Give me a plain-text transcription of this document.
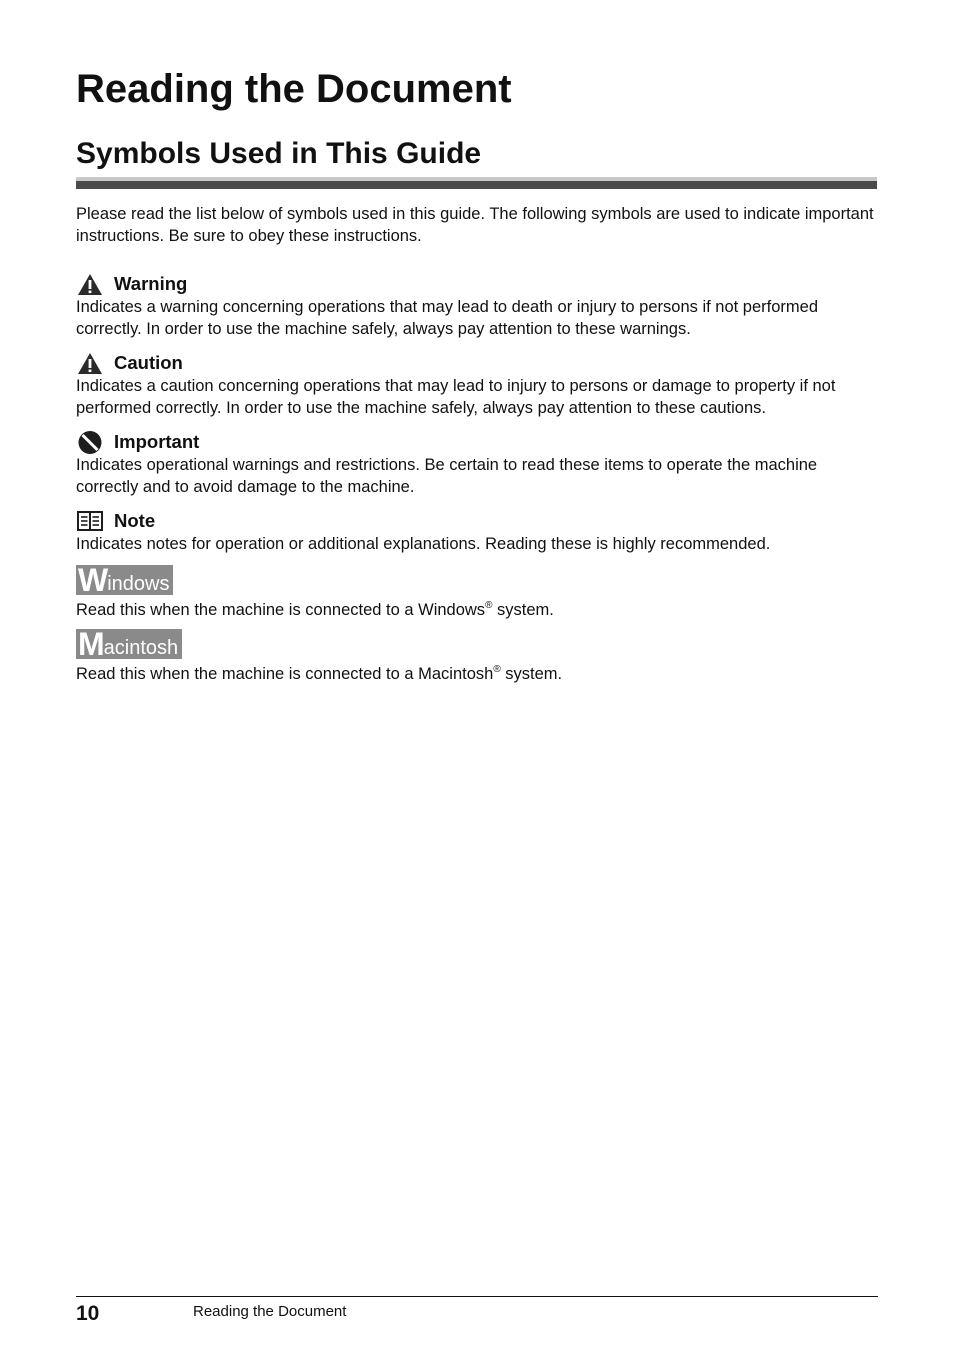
Reading the Document
Symbols Used in This Guide

Please read the list below of symbols used in this guide. The following symbols are used to indicate important instructions. Be sure to obey these instructions.

Warning

Indicates a warning concerning operations that may lead to death or injury to persons if not performed correctly. In order to use the machine safely, always pay attention to these warnings.

Caution

Indicates a caution concerning operations that may lead to injury to persons or damage to property if not performed correctly. In order to use the machine safely, always pay attention to these cautions.

Important

Indicates operational warnings and restrictions. Be certain to read these items to operate the machine correctly and to avoid damage to the machine.

Note

Indicates notes for operation or additional explanations. Reading these is highly recommended.

W indows

Read this when the machine is connected to a Windows® system.

M acintosh

Read this when the machine is connected to a Macintosh® system.

10	Reading the Document
